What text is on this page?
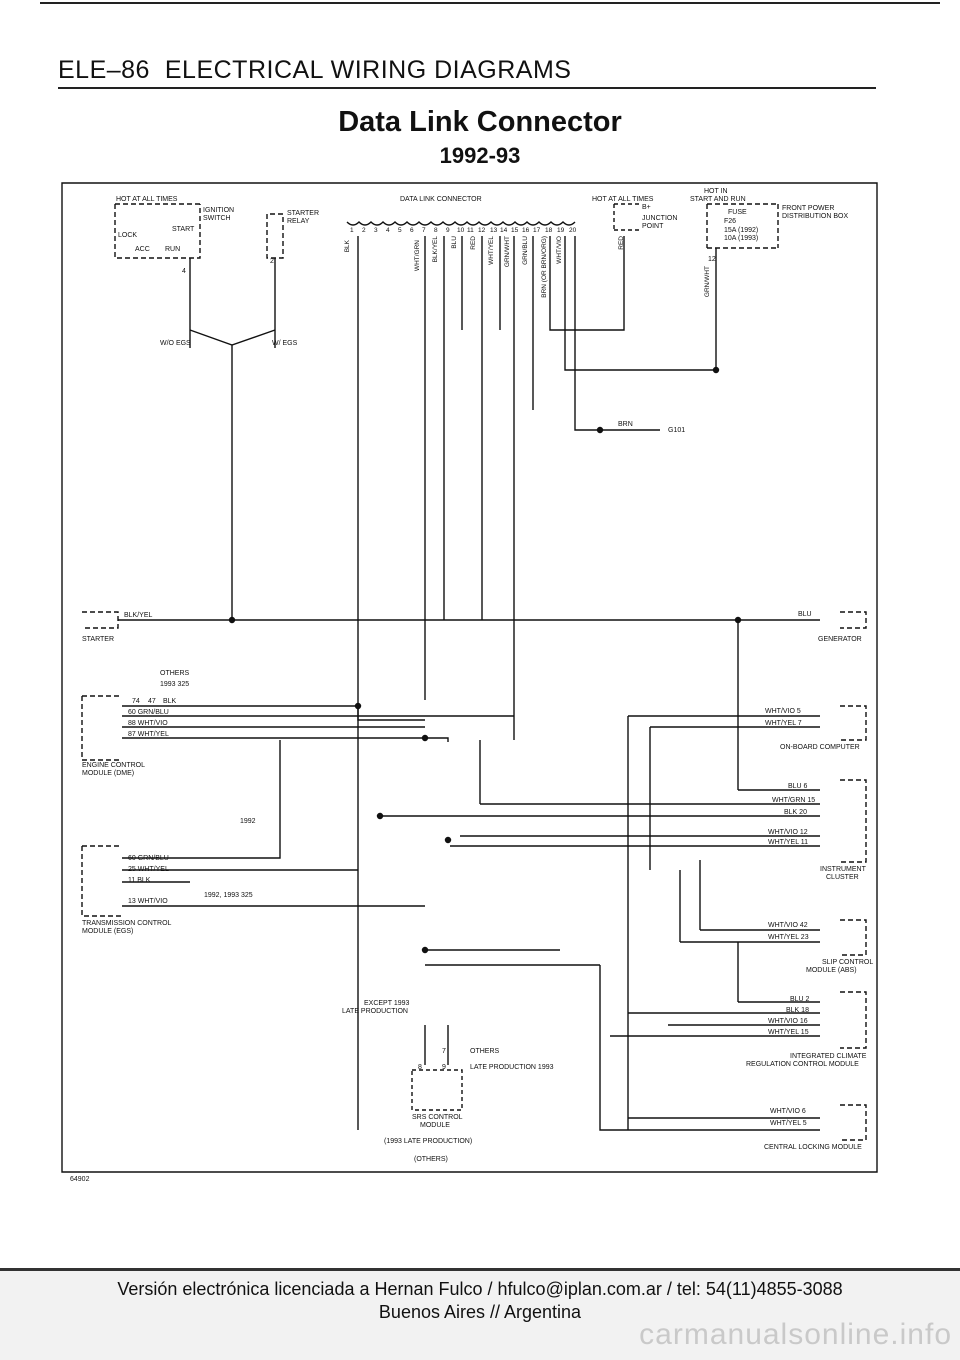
ELE–86 ELECTRICAL WIRING DIAGRAMS
Data Link Connector
1992-93
1 2 3 4 5 6 7 8 9 10 11 12 13 14 15 16 17 18 19 20
HOT AT ALL TIMES
IGNITION
SWITCH
LOCK
START
ACC RUN
STARTER
RELAY
DATA LINK CONNECTOR	HOT AT ALL TIMES
B+
JUNCTION
POINT
HOT IN
START AND RUN
FUSE
F26
15A (1992)
10A (1993)
FRONT POWER
DISTRIBUTION BOX
W/O EGS	W/ EGS
4
2	12
BRN
G101
64902
BLK/YEL
STARTER
BLU
GENERATOR
OTHERS
1993 325
74 47 BLK
60 GRN/BLU
88 WHT/VIO
87 WHT/YEL
ENGINE CONTROL
MODULE (DME)
1992
60 GRN/BLU
25 WHT/YEL
11 BLK
1992, 1993 325
13 WHT/VIO
TRANSMISSION CONTROL
MODULE (EGS)
WHT/VIO 5
WHT/YEL 7
ON-BOARD COMPUTER
BLU 6
WHT/GRN 15
BLK 20
WHT/VIO 12
WHT/YEL 11
INSTRUMENT
CLUSTER
WHT/VIO 42
WHT/YEL 23
SLIP CONTROL
MODULE (ABS)
EXCEPT 1993
LATE PRODUCTION
BLU 2
BLK 18
WHT/VIO 16
WHT/YEL 15
7	OTHERS
8	9	LATE PRODUCTION 1993
INTEGRATED CLIMATE
REGULATION CONTROL MODULE
SRS CONTROL
MODULE
WHT/VIO 6
WHT/YEL 5
(1993 LATE PRODUCTION)
CENTRAL LOCKING MODULE
(OTHERS)
BLK	WHT/GRN BLK/YEL BLU RED WHT/YEL GRN/WHT GRN/BLU BRN (OR BRN/ORG) WHT/VIO	RED
GRN/WHT
Versión electrónica licenciada a Hernan Fulco / hfulco@iplan.com.ar / tel: 54(11)4855-3088
Buenos Aires // Argentina
carmanualsonline.info
